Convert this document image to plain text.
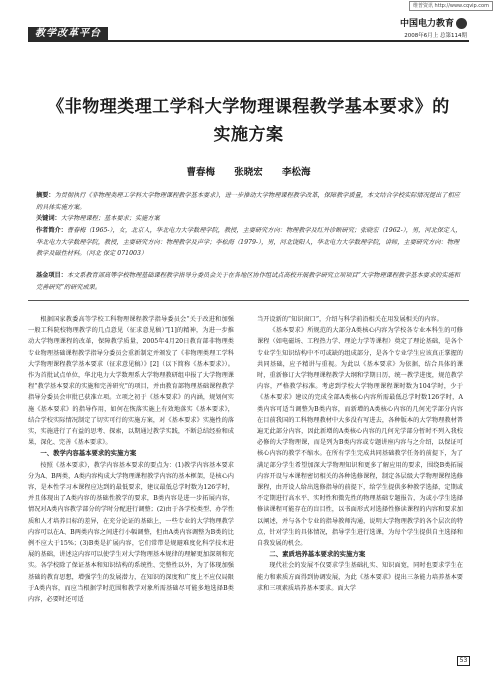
维普资讯 http://www.cqvip.com
教学改革平台
中国电力教育
2008年6月上 总第114期
《非物理类理工学科大学物理课程教学基本要求》的
实施方案
曹春梅 张晓宏 李松海
摘要：为贯彻执行《非物理类理工学科大学物理课程教学基本要求》，进一步推动大学物理课程教学改革，保障教学质量，本文结合学校实际情况提出了相应的具体实施方案。
关键词：大学物理课程；基本要求；实施方案
作者简介：曹春梅（1965-），女，北京人，华北电力大学数理学院，教授，主要研究方向：物理教学及红外诊断研究；张晓宏（1962-），男，河北保定人，华北电力大学数理学院，教授，主要研究方向：物理教学及声学；李松海（1979-），男，河北饶阳人，华北电力大学数理学院，讲师，主要研究方向：物理教学及磁性材料。（河北 保定 071003）
基金项目：本文系教育部高等学校物理基础课程教学指导分委员会关于在各地区协作组试点高校开展教学研究立项项目“大学物理课程教学基本要求的实施和完善研究”的研究成果。

根据国家教委高等学校工科物理课程教学指导委员会“关于改进和加强一般工科院校物理教学的几点意见（征求意见稿）”[1]的精神，为进一步推动大学物理课程的改革，保障教学质量，2005年4月20日教育部非物理类专业物理基础课程教学指导分委员会重新制定并颁发了《非物理类理工学科大学物理课程教学基本要求（征求意见稿）》[2]（以下简称《基本要求》）。作为首批试点单位，华北电力大学数理系大学物理教研组申报了大学物理课程“教学基本要求的实施和完善研究”的项目，并由教育部物理基础课程教学指导分委员会审批已获准立项。立项之初于《基本要求》的内涵，规划何实施《基本要求》的指导作用，如何在恢落实施上有效地落实《基本要求》，结合学校实际情况制定了切实可行的实施方案，对《基本要求》实施性的落实，实施进行了有益的思考、探索，以期通过教学实践，不断总结经验和成果，深化、完善《基本要求》。

一、教学内容基本要求的实施方案

按照《基本要求》，教学内容基本要求的要点为：(1)教学内容基本要求分为A、B两类，A类内容构成大学物理课程教学内容的基本框架，是核心内容，是本性学习本课程应达到的最低要求，建议最低总学时数为126学时，并且体现出了A类内容的基础性教学的要求，B类内容是进一步拓展内容，情况对A类内容教学部分的学时分配进行调整；(2)由于各学校类型、办学性质和人才培养目标的差异，在充分论证的基础上，一些专业的大学物理教学内容可以在A、B两类内容之间进行小幅调整，但由A类内容调整为B类的比例不应大于15%；(3)B类是扩展内容，它们常带是规避难度化科学技术进展的基础，讲述这内容可以使学生对大学物理基本规律的理解更加深刻和充实。各学校除了保证基本和知识结构的系统性、完整性以外，为了体现加强基础的教育思想，增强学生的发展潜力，在知识的深度和广度上不应仅局限于A类内容，而应当根据学时范围和教学对象所需基础尽可能多地选择B类内容，必要时还可适

当开设新的“知识窗口”，介绍与科学前沿相关在用发展相关的内容。

《基本要求》所规范的大部分A类核心内容为学校各专业本科生的可修课程（如电磁场、工程热力学、理论力学等课程）奠定了理论基础，是各个专业学生知识结构中不可或缺的组成部分，是各个专业学生应该真正掌握的共同基础，应予精讲与重视。为此以《基本要求》为依据，结合具体的课时，重新修订大学物理课程教学大纲和学期日历，统一教学进度，规范教学内容，严格教学标准。考虑到学校大学物理课程课时数为104学时，少于《基本要求》建议的完成全部A类核心内容所需最低总学时数126学时，A类内容可适当调整为B类内容，而新增的A类核心内容的几何光学部分内容在目前我国的工科物理教材中大多没有写进去，各种版本的大学物理教材普遍无此部分内容，因此新增的A类核心内容的几何光学部分暂时不列入我校必修的大学物理课，而是列为B类内容或专题讲座内容与之介绍，以保证可核心内容的教学不缩水。在所有学生完成共同基础教学任务的前提下，为了满足部分学生希望加深大学物理知识和更多了解应用的要求，围绕B类拓展内容开设与本课程密切相关的各种选修课程，制定各层级大学物理课程选修课程，由开设人给出选修指导的前提下，给学生提供多种教学选择，定期或不定期进行高水平、实时性和微先性的物理基础专题报告，为或小学生选择修读课程可能存在的盲目性，以书面形式对选择性修读课程的内容和要求加以阐述，并与各个专业的指导教师沟通，说明大学物理教学的各个层次的特点，针对学生的具体情况，指导学生进行选课，为每个学生提供自主选择和自我发展的机会。

二、素质培养基本要求的实施方案

现代社会的发展不仅要求学生基础扎实、知识面宽，同时也要求学生在能力和素质方面得到协调发展，为此《基本要求》提出三条能力培养基本要求和三项素质培养基本要求。面大学

53
